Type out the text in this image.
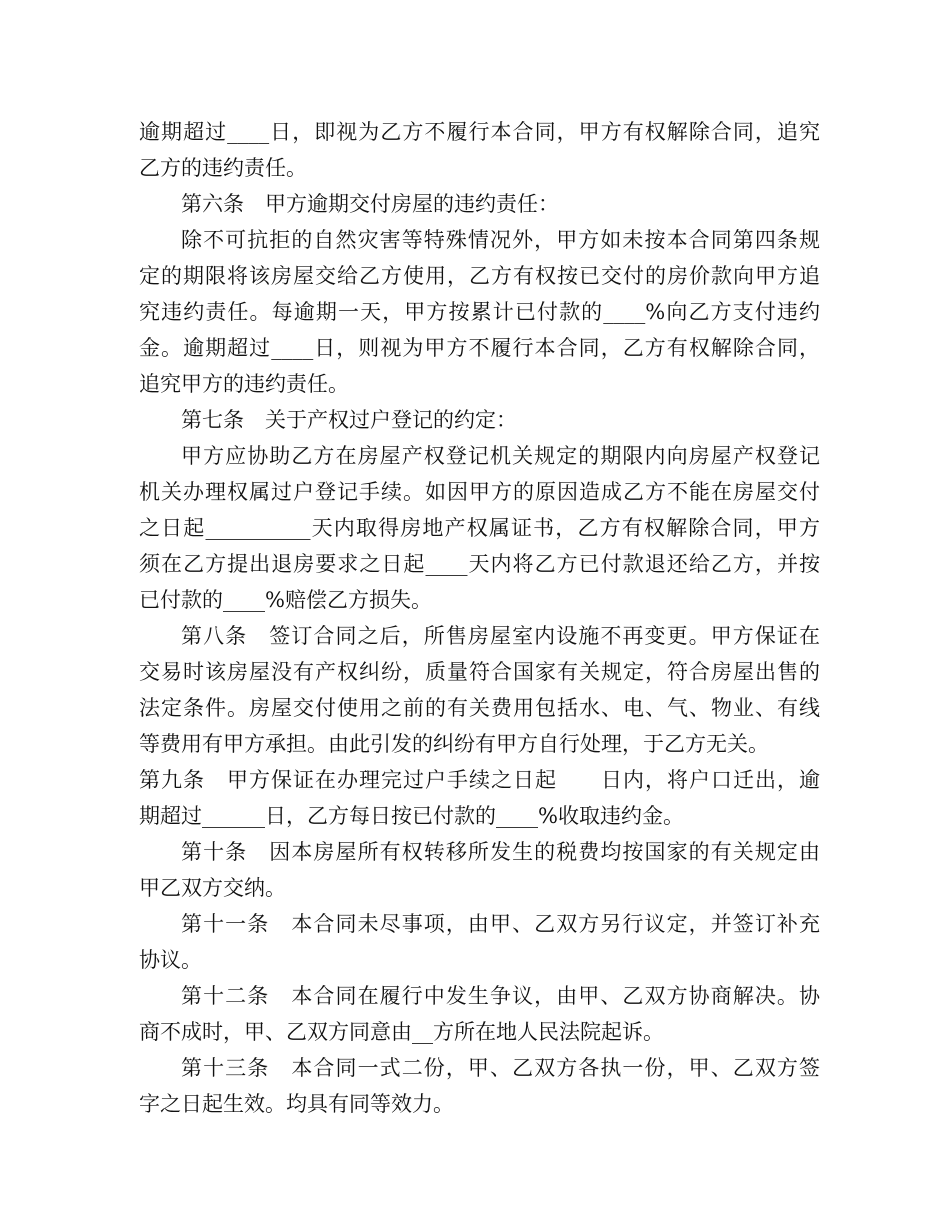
逾期超过____日，即视为乙方不履行本合同，甲方有权解除合同，追究
乙方的违约责任。
第六条　甲方逾期交付房屋的违约责任：
除不可抗拒的自然灾害等特殊情况外，甲方如未按本合同第四条规
定的期限将该房屋交给乙方使用，乙方有权按已交付的房价款向甲方追
究违约责任。每逾期一天，甲方按累计已付款的____%向乙方支付违约
金。逾期超过____日，则视为甲方不履行本合同，乙方有权解除合同，
追究甲方的违约责任。
第七条　关于产权过户登记的约定：
甲方应协助乙方在房屋产权登记机关规定的期限内向房屋产权登记
机关办理权属过户登记手续。如因甲方的原因造成乙方不能在房屋交付
之日起__________天内取得房地产权属证书，乙方有权解除合同，甲方
须在乙方提出退房要求之日起____天内将乙方已付款退还给乙方，并按
已付款的____%赔偿乙方损失。
第八条　签订合同之后，所售房屋室内设施不再变更。甲方保证在
交易时该房屋没有产权纠纷，质量符合国家有关规定，符合房屋出售的
法定条件。房屋交付使用之前的有关费用包括水、电、气、物业、有线
等费用有甲方承担。由此引发的纠纷有甲方自行处理，于乙方无关。
第九条　甲方保证在办理完过户手续之日起　　日内，将户口迁出，逾
期超过______日，乙方每日按已付款的____%收取违约金。
第十条　因本房屋所有权转移所发生的税费均按国家的有关规定由
甲乙双方交纳。
第十一条　本合同未尽事项，由甲、乙双方另行议定，并签订补充
协议。
第十二条　本合同在履行中发生争议，由甲、乙双方协商解决。协
商不成时，甲、乙双方同意由__方所在地人民法院起诉。
第十三条　本合同一式二份，甲、乙双方各执一份，甲、乙双方签
字之日起生效。均具有同等效力。
